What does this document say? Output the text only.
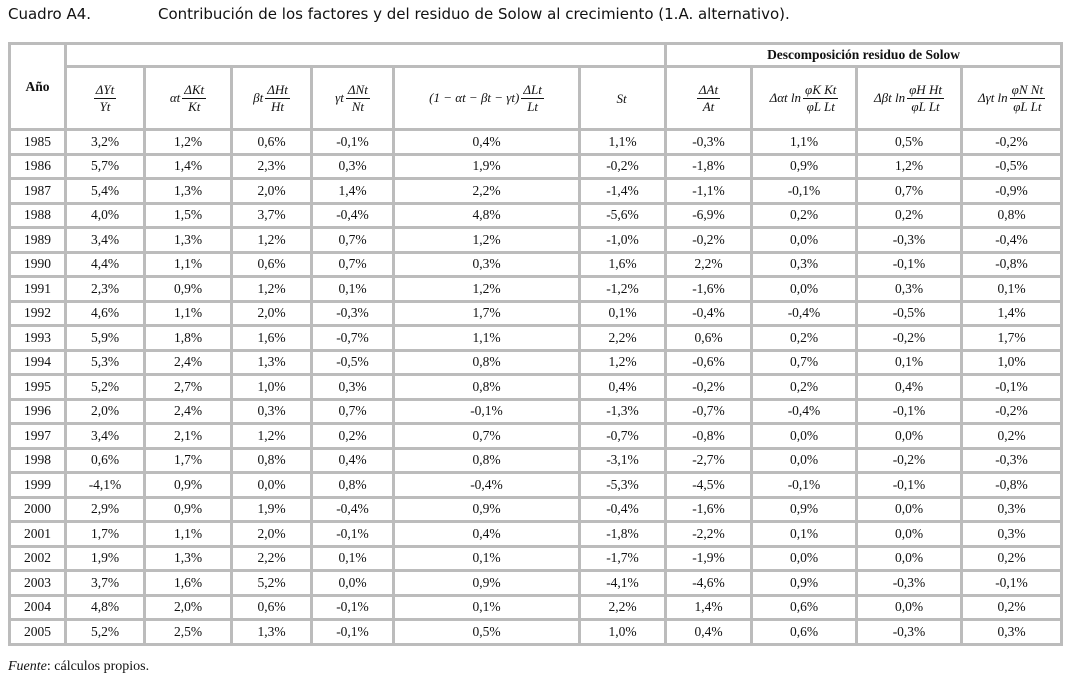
Cuadro A4.	Contribución de los factores y del residuo de Solow al crecimiento (1.A. alternativo).
Año							Descomposición residuo de Solow			

	$\frac{\text{ΔYt}}{Yt}$	αt $\frac{\text{ΔKt}}{Kt}$	βt $\frac{\text{ΔHt}}{Ht}$	γt $\frac{\text{ΔNt}}{Nt}$	$(1 - \alpha t - \beta t - \gamma t) \frac{\text{ΔLt}}{Lt}$	St	$\frac{\text{ΔAt}}{At}$	Δαt $\ln \frac{\text{φK Kt}}{\text{φL Lt}}$	Δβt $\ln \frac{\text{φH Ht}}{\text{φL Lt}}$	Δγt $\ln \frac{\text{φN Nt}}{\text{φL Lt}}$

1985	3,2%	1,2%	0,6%	-0,1%	0,4%	1,1%	-0,3%	1,1%	0,5%	-0,2%
1986	5,7%	1,4%	2,3%	0,3%	1,9%	-0,2%	-1,8%	0,9%	1,2%	-0,5%
1987	5,4%	1,3%	2,0%	1,4%	2,2%	-1,4%	-1,1%	-0,1%	0,7%	-0,9%
1988	4,0%	1,5%	3,7%	-0,4%	4,8%	-5,6%	-6,9%	0,2%	0,2%	0,8%
1989	3,4%	1,3%	1,2%	0,7%	1,2%	-1,0%	-0,2%	0,0%	-0,3%	-0,4%
1990	4,4%	1,1%	0,6%	0,7%	0,3%	1,6%	2,2%	0,3%	-0,1%	-0,8%
1991	2,3%	0,9%	1,2%	0,1%	1,2%	-1,2%	-1,6%	0,0%	0,3%	0,1%
1992	4,6%	1,1%	2,0%	-0,3%	1,7%	0,1%	-0,4%	-0,4%	-0,5%	1,4%
1993	5,9%	1,8%	1,6%	-0,7%	1,1%	2,2%	0,6%	0,2%	-0,2%	1,7%
1994	5,3%	2,4%	1,3%	-0,5%	0,8%	1,2%	-0,6%	0,7%	0,1%	1,0%
1995	5,2%	2,7%	1,0%	0,3%	0,8%	0,4%	-0,2%	0,2%	0,4%	-0,1%
1996	2,0%	2,4%	0,3%	0,7%	-0,1%	-1,3%	-0,7%	-0,4%	-0,1%	-0,2%
1997	3,4%	2,1%	1,2%	0,2%	0,7%	-0,7%	-0,8%	0,0%	0,0%	0,2%
1998	0,6%	1,7%	0,8%	0,4%	0,8%	-3,1%	-2,7%	0,0%	-0,2%	-0,3%
1999	-4,1%	0,9%	0,0%	0,8%	-0,4%	-5,3%	-4,5%	-0,1%	-0,1%	-0,8%
2000	2,9%	0,9%	1,9%	-0,4%	0,9%	-0,4%	-1,6%	0,9%	0,0%	0,3%
2001	1,7%	1,1%	2,0%	-0,1%	0,4%	-1,8%	-2,2%	0,1%	0,0%	0,3%
2002	1,9%	1,3%	2,2%	0,1%	0,1%	-1,7%	-1,9%	0,0%	0,0%	0,2%
2003	3,7%	1,6%	5,2%	0,0%	0,9%	-4,1%	-4,6%	0,9%	-0,3%	-0,1%
2004	4,8%	2,0%	0,6%	-0,1%	0,1%	2,2%	1,4%	0,6%	0,0%	0,2%
2005	5,2%	2,5%	1,3%	-0,1%	0,5%	1,0%	0,4%	0,6%	-0,3%	0,3%
Fuente: cálculos propios.
